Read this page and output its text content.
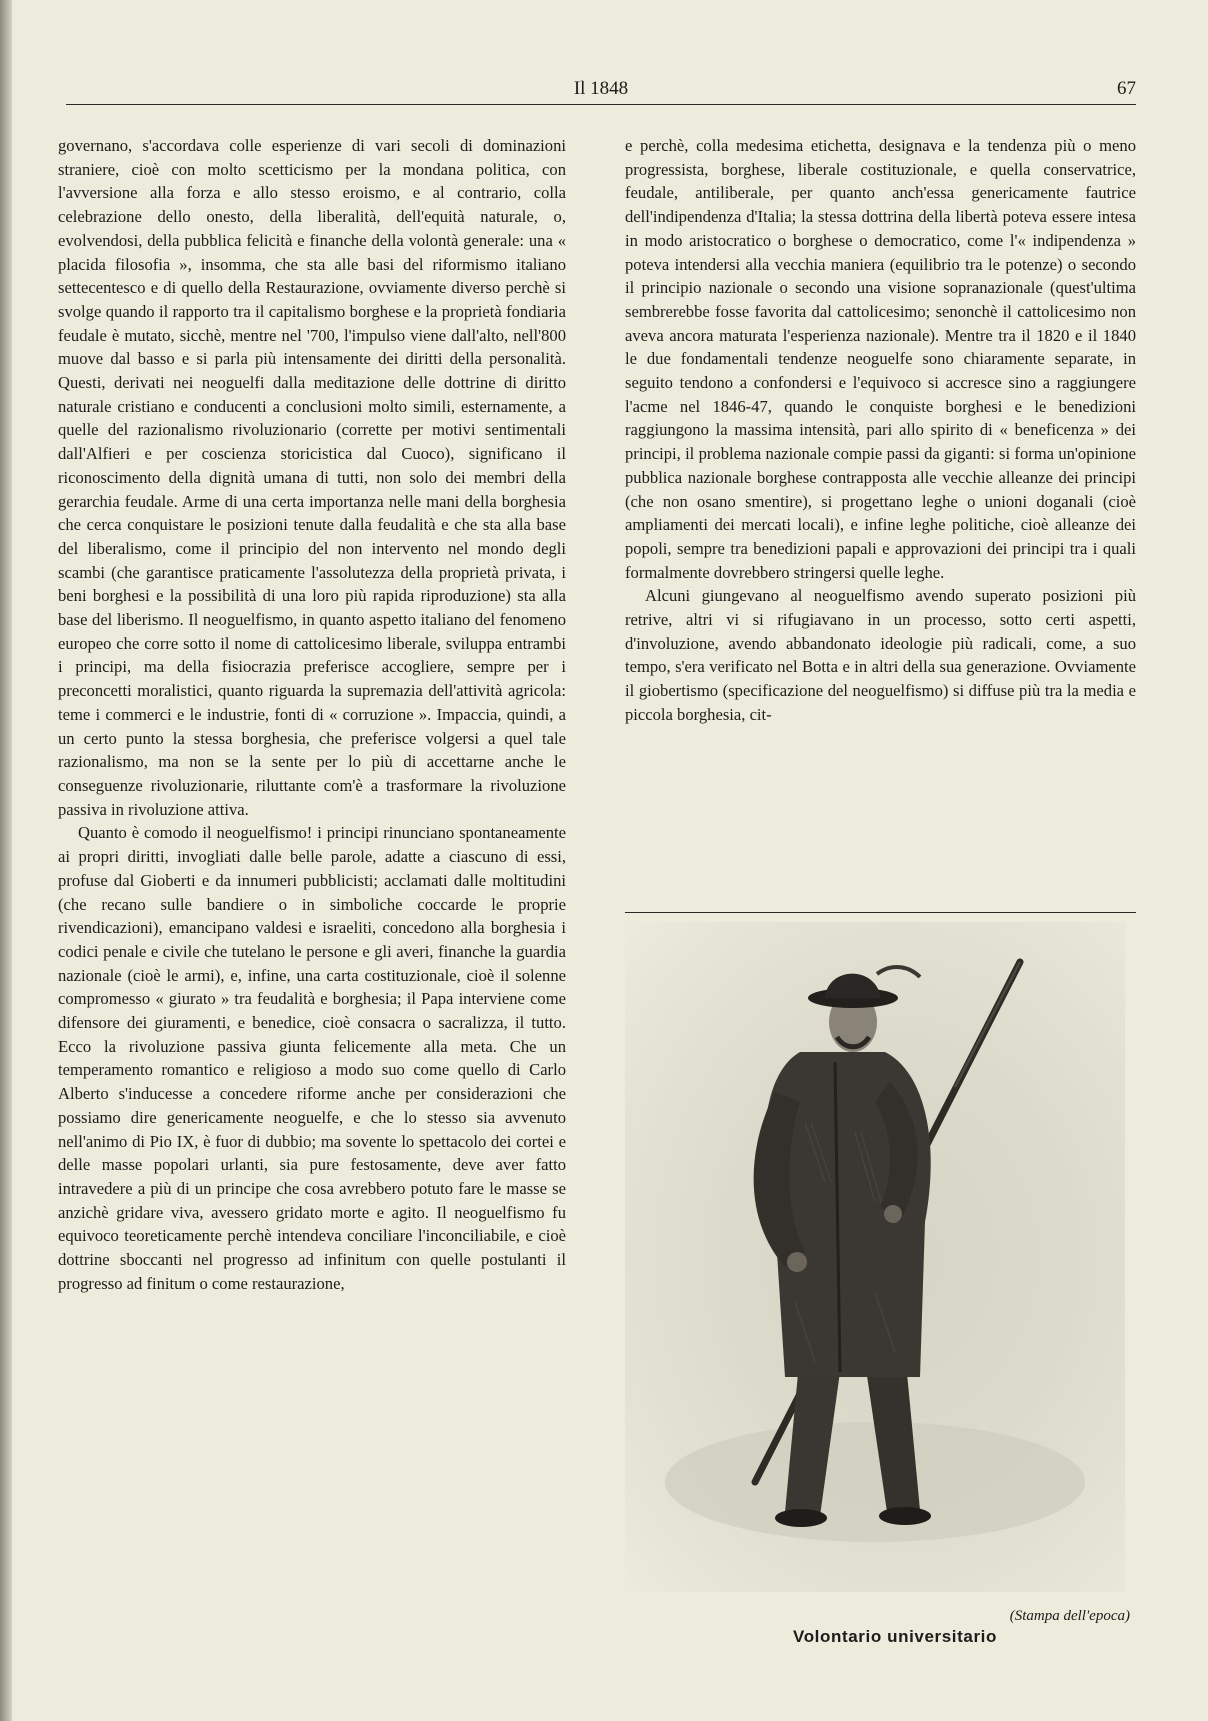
Il 1848	67

governano, s'accordava colle esperienze di vari secoli di dominazioni straniere, cioè con molto scetticismo per la mondana politica, con l'avversione alla forza e allo stesso eroismo, e al contrario, colla celebrazione dello onesto, della liberalità, dell'equità naturale, o, evolvendosi, della pubblica felicità e finanche della volontà generale: una « placida filosofia », insomma, che sta alle basi del riformismo italiano settecentesco e di quello della Restaurazione, ovviamente diverso perchè si svolge quando il rapporto tra il capitalismo borghese e la proprietà fondiaria feudale è mutato, sicchè, mentre nel '700, l'impulso viene dall'alto, nell'800 muove dal basso e si parla più intensamente dei diritti della personalità. Questi, derivati nei neoguelfi dalla meditazione delle dottrine di diritto naturale cristiano e conducenti a conclusioni molto simili, esternamente, a quelle del razionalismo rivoluzionario (corrette per motivi sentimentali dall'Alfieri e per coscienza storicistica dal Cuoco), significano il riconoscimento della dignità umana di tutti, non solo dei membri della gerarchia feudale. Arme di una certa importanza nelle mani della borghesia che cerca conquistare le posizioni tenute dalla feudalità e che sta alla base del liberalismo, come il principio del non intervento nel mondo degli scambi (che garantisce praticamente l'assolutezza della proprietà privata, i beni borghesi e la possibilità di una loro più rapida riproduzione) sta alla base del liberismo. Il neoguelfismo, in quanto aspetto italiano del fenomeno europeo che corre sotto il nome di cattolicesimo liberale, sviluppa entrambi i principi, ma della fisiocrazia preferisce accogliere, sempre per i preconcetti moralistici, quanto riguarda la supremazia dell'attività agricola: teme i commerci e le industrie, fonti di « corruzione ». Impaccia, quindi, a un certo punto la stessa borghesia, che preferisce volgersi a quel tale razionalismo, ma non se la sente per lo più di accettarne anche le conseguenze rivoluzionarie, riluttante com'è a trasformare la rivoluzione passiva in rivoluzione attiva.

Quanto è comodo il neoguelfismo! i principi rinunciano spontaneamente ai propri diritti, invogliati dalle belle parole, adatte a ciascuno di essi, profuse dal Gioberti e da innumeri pubblicisti; acclamati dalle moltitudini (che recano sulle bandiere o in simboliche coccarde le proprie rivendicazioni), emancipano valdesi e israeliti, concedono alla borghesia i codici penale e civile che tutelano le persone e gli averi, finanche la guardia nazionale (cioè le armi), e, infine, una carta costituzionale, cioè il solenne compromesso « giurato » tra feudalità e borghesia; il Papa interviene come difensore dei giuramenti, e benedice, cioè consacra o sacralizza, il tutto. Ecco la rivoluzione passiva giunta felicemente alla meta. Che un temperamento romantico e religioso a modo suo come quello di Carlo Alberto s'inducesse a concedere riforme anche per considerazioni che possiamo dire genericamente neoguelfe, e che lo stesso sia avvenuto nell'animo di Pio IX, è fuor di dubbio; ma sovente lo spettacolo dei cortei e delle masse popolari urlanti, sia pure festosamente, deve aver fatto intravedere a più di un principe che cosa avrebbero potuto fare le masse se anzichè gridare viva, avessero gridato morte e agito. Il neoguelfismo fu equivoco teoreticamente perchè intendeva conciliare l'inconciliabile, e cioè dottrine sboccanti nel progresso ad infinitum con quelle postulanti il progresso ad finitum o come restaurazione,

e perchè, colla medesima etichetta, designava e la tendenza più o meno progressista, borghese, liberale costituzionale, e quella conservatrice, feudale, antiliberale, per quanto anch'essa genericamente fautrice dell'indipendenza d'Italia; la stessa dottrina della libertà poteva essere intesa in modo aristocratico o borghese o democratico, come l'« indipendenza » poteva intendersi alla vecchia maniera (equilibrio tra le potenze) o secondo il principio nazionale o secondo una visione sopranazionale (quest'ultima sembrerebbe fosse favorita dal cattolicesimo; senonchè il cattolicesimo non aveva ancora maturata l'esperienza nazionale). Mentre tra il 1820 e il 1840 le due fondamentali tendenze neoguelfe sono chiaramente separate, in seguito tendono a confondersi e l'equivoco si accresce sino a raggiungere l'acme nel 1846-47, quando le conquiste borghesi e le benedizioni raggiungono la massima intensità, pari allo spirito di « beneficenza » dei principi, il problema nazionale compie passi da giganti: si forma un'opinione pubblica nazionale borghese contrapposta alle vecchie alleanze dei principi (che non osano smentire), si progettano leghe o unioni doganali (cioè ampliamenti dei mercati locali), e infine leghe politiche, cioè alleanze dei popoli, sempre tra benedizioni papali e approvazioni dei principi tra i quali formalmente dovrebbero stringersi quelle leghe.

Alcuni giungevano al neoguelfismo avendo superato posizioni più retrive, altri vi si rifugiavano in un processo, sotto certi aspetti, d'involuzione, avendo abbandonato ideologie più radicali, come, a suo tempo, s'era verificato nel Botta e in altri della sua generazione. Ovviamente il giobertismo (specificazione del neoguelfismo) si diffuse più tra la media e piccola borghesia, cit-

(Stampa dell'epoca)
Volontario universitario
